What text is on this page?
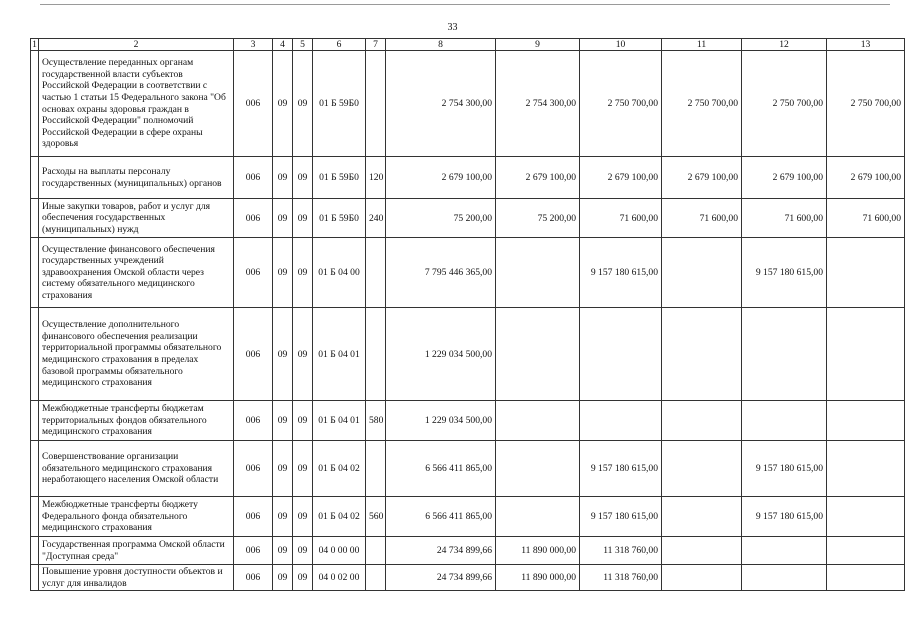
33
1	2	3	4	5	6	7	8	9	10	11	12	13
	Осуществление переданных органам государственной власти субъектов Российской Федерации в соответствии с частью 1 статьи 15 Федерального закона "Об основах охраны здоровья граждан в Российской Федерации" полномочий Российской Федерации в сфере охраны здоровья	006	09	09	01 Б 59Б0		2 754 300,00	2 754 300,00	2 750 700,00	2 750 700,00	2 750 700,00	2 750 700,00
	Расходы на выплаты персоналу государственных (муниципальных) органов	006	09	09	01 Б 59Б0	120	2 679 100,00	2 679 100,00	2 679 100,00	2 679 100,00	2 679 100,00	2 679 100,00
	Иные закупки товаров, работ и услуг для обеспечения государственных (муниципальных) нужд	006	09	09	01 Б 59Б0	240	75 200,00	75 200,00	71 600,00	71 600,00	71 600,00	71 600,00
	Осуществление финансового обеспечения государственных учреждений здравоохранения Омской области через систему обязательного медицинского страхования	006	09	09	01 Б 04 00		7 795 446 365,00		9 157 180 615,00		9 157 180 615,00	
	Осуществление дополнительного финансового обеспечения реализации территориальной программы обязательного медицинского страхования в пределах базовой программы обязательного медицинского страхования	006	09	09	01 Б 04 01		1 229 034 500,00					
	Межбюджетные трансферты бюджетам территориальных фондов обязательного медицинского страхования	006	09	09	01 Б 04 01	580	1 229 034 500,00					
	Совершенствование организации обязательного медицинского страхования неработающего населения Омской области	006	09	09	01 Б 04 02		6 566 411 865,00		9 157 180 615,00		9 157 180 615,00	
	Межбюджетные трансферты бюджету Федерального фонда обязательного медицинского страхования	006	09	09	01 Б 04 02	560	6 566 411 865,00		9 157 180 615,00		9 157 180 615,00	
	Государственная программа Омской области "Доступная среда"	006	09	09	04 0 00 00		24 734 899,66	11 890 000,00	11 318 760,00			
	Повышение уровня доступности объектов и услуг для инвалидов	006	09	09	04 0 02 00		24 734 899,66	11 890 000,00	11 318 760,00			
